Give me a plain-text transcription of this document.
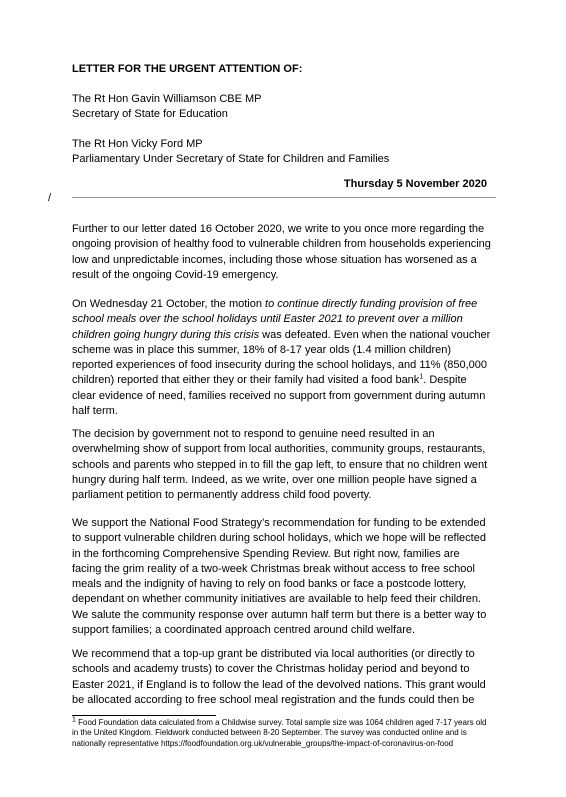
LETTER FOR THE URGENT ATTENTION OF:
The Rt Hon Gavin Williamson CBE MP
Secretary of State for Education
The Rt Hon Vicky Ford MP
Parliamentary Under Secretary of State for Children and Families
Thursday 5 November 2020
/

Further to our letter dated 16 October 2020, we write to you once more regarding the ongoing provision of healthy food to vulnerable children from households experiencing low and unpredictable incomes, including those whose situation has worsened as a result of the ongoing Covid-19 emergency.

On Wednesday 21 October, the motion to continue directly funding provision of free school meals over the school holidays until Easter 2021 to prevent over a million children going hungry during this crisis was defeated. Even when the national voucher scheme was in place this summer, 18% of 8-17 year olds (1.4 million children) reported experiences of food insecurity during the school holidays, and 11% (850,000 children) reported that either they or their family had visited a food bank$^1$. Despite clear evidence of need, families received no support from government during autumn half term.

The decision by government not to respond to genuine need resulted in an overwhelming show of support from local authorities, community groups, restaurants, schools and parents who stepped in to fill the gap left, to ensure that no children went hungry during half term. Indeed, as we write, over one million people have signed a parliament petition to permanently address child food poverty.

We support the National Food Strategy’s recommendation for funding to be extended to support vulnerable children during school holidays, which we hope will be reflected in the forthcoming Comprehensive Spending Review. But right now, families are facing the grim reality of a two-week Christmas break without access to free school meals and the indignity of having to rely on food banks or face a postcode lottery, dependant on whether community initiatives are available to help feed their children. We salute the community response over autumn half term but there is a better way to support families; a coordinated approach centred around child welfare.

We recommend that a top-up grant be distributed via local authorities (or directly to schools and academy trusts) to cover the Christmas holiday period and beyond to Easter 2021, if England is to follow the lead of the devolved nations. This grant would be allocated according to free school meal registration and the funds could then be

$^1$ Food Foundation data calculated from a Childwise survey. Total sample size was 1064 children aged 7-17 years old in the United Kingdom. Fieldwork conducted between 8-20 September. The survey was conducted online and is nationally representative https://foodfoundation.org.uk/vulnerable_groups/the-impact-of-coronavirus-on-food
